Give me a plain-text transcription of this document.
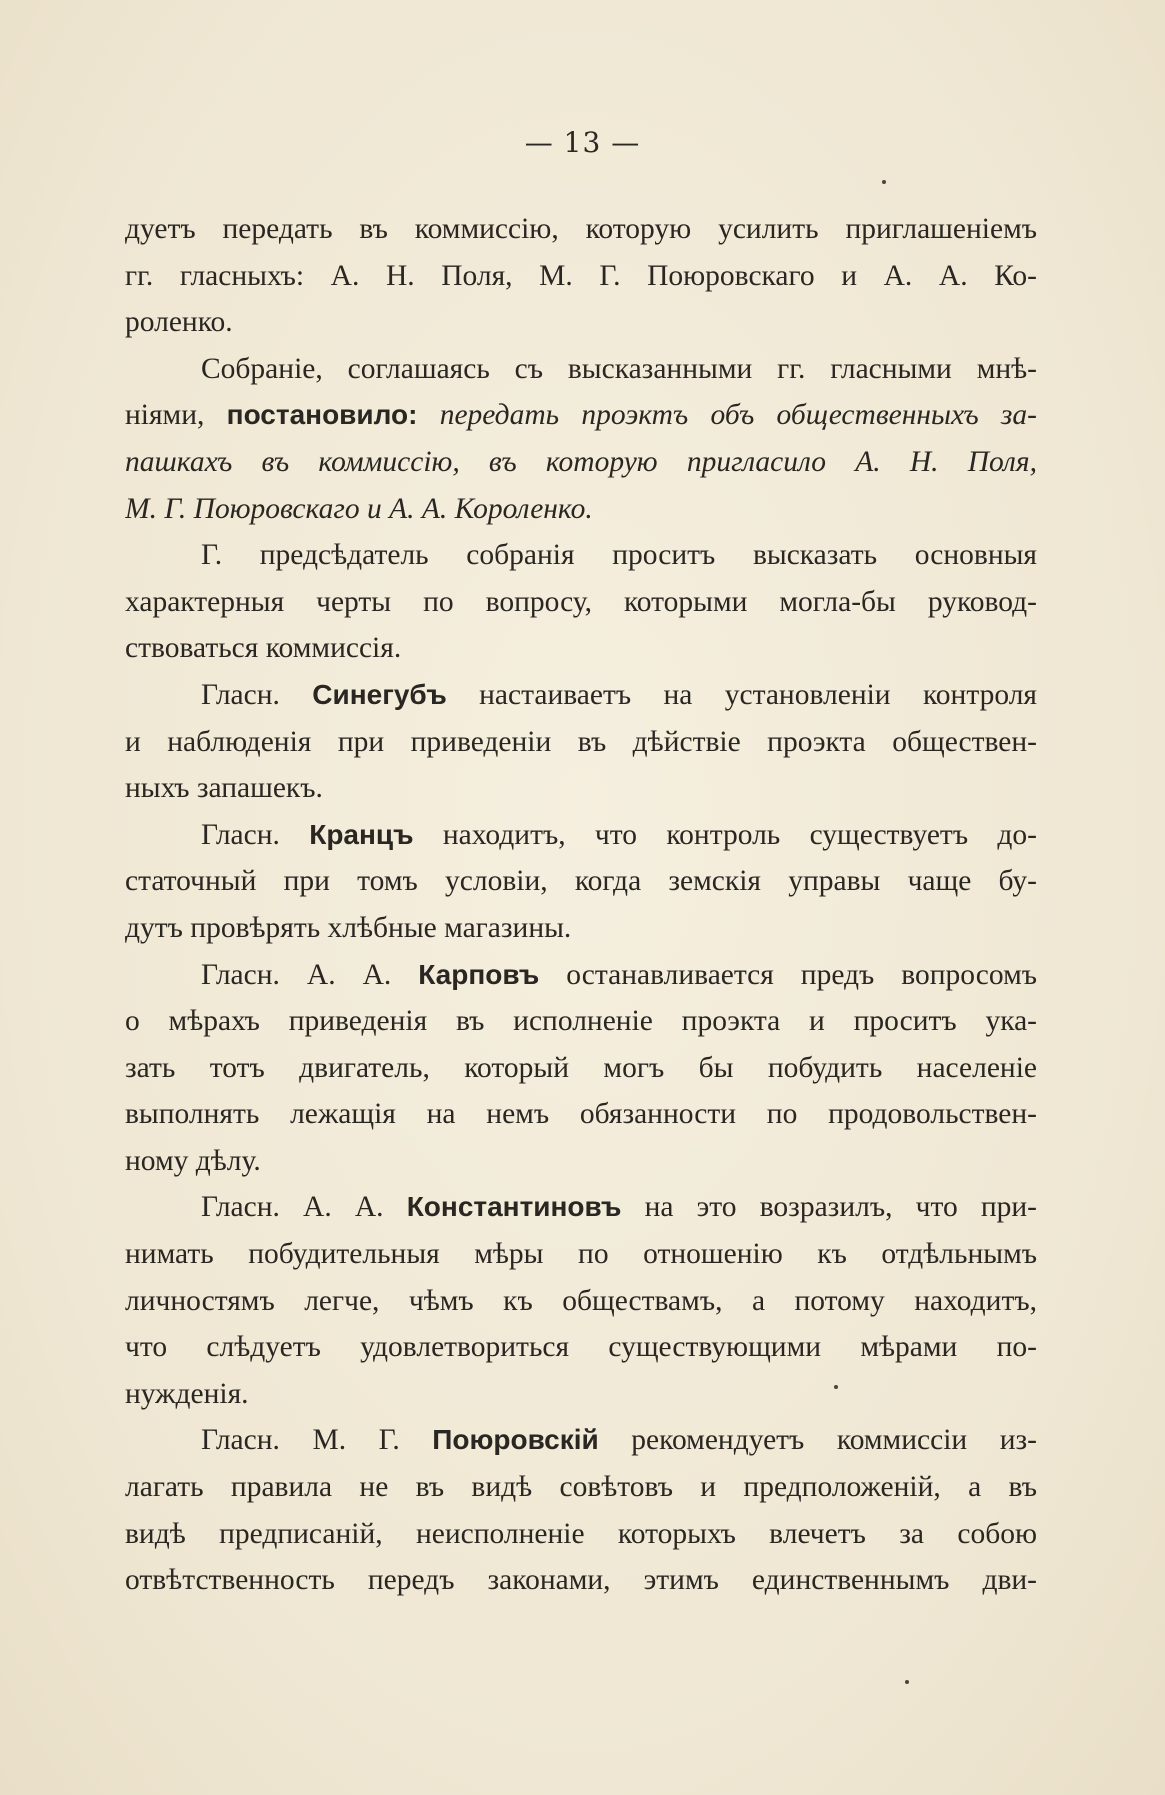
— 13 —
дуетъ передать въ коммиссію, которую усилить приглашеніемъ
гг. гласныхъ: А. Н. Поля, М. Г. Поюровскаго и А. А. Ко-
роленко.
Собраніе, соглашаясь съ высказанными гг. гласными мнѣ-
ніями, постановило: передать проэктъ объ общественныхъ за-
пашкахъ въ коммиссію, въ которую пригласило А. Н. Поля,
М. Г. Поюровскаго и А. А. Короленко.
Г. предсѣдатель собранія проситъ высказать основныя
характерныя черты по вопросу, которыми могла-бы руковод-
ствоваться коммиссія.
Гласн. Синегубъ настаиваетъ на установленіи контроля
и наблюденія при приведеніи въ дѣйствіе проэкта обществен-
ныхъ запашекъ.
Гласн. Кранцъ находитъ, что контроль существуетъ до-
статочный при томъ условіи, когда земскія управы чаще бу-
дутъ провѣрять хлѣбные магазины.
Гласн. А. А. Карповъ останавливается предъ вопросомъ
о мѣрахъ приведенія въ исполненіе проэкта и проситъ ука-
зать тотъ двигатель, который могъ бы побудить населеніе
выполнять лежащія на немъ обязанности по продовольствен-
ному дѣлу.
Гласн. А. А. Константиновъ на это возразилъ, что при-
нимать побудительныя мѣры по отношенію къ отдѣльнымъ
личностямъ легче, чѣмъ къ обществамъ, а потому находитъ,
что слѣдуетъ удовлетвориться существующими мѣрами по-
нужденія.
Гласн. М. Г. Поюровскій рекомендуетъ коммиссіи из-
лагать правила не въ видѣ совѣтовъ и предположеній, а въ
видѣ предписаній, неисполненіе которыхъ влечетъ за собою
отвѣтственность передъ законами, этимъ единственнымъ дви-
